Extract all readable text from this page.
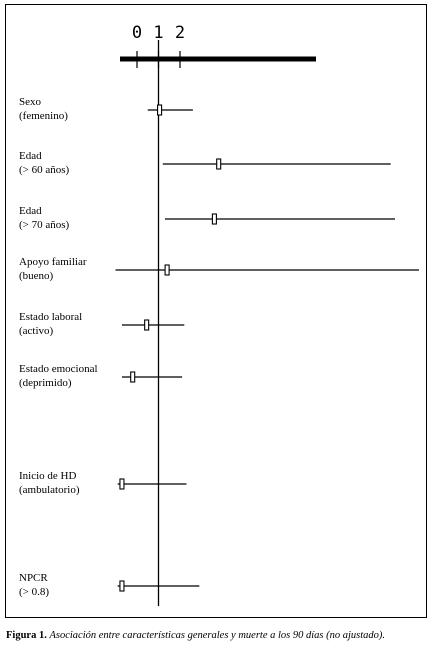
0 1 2
Sexo
(femenino)
Edad
(> 60 años)
Edad
(> 70 años)
Apoyo familiar
(bueno)
Estado laboral
(activo)
Estado emocional
(deprimido)
Inicio de HD
(ambulatorio)
NPCR
(> 0.8)
Figura 1. Asociación entre características generales y muerte a los 90 días (no ajustado).
